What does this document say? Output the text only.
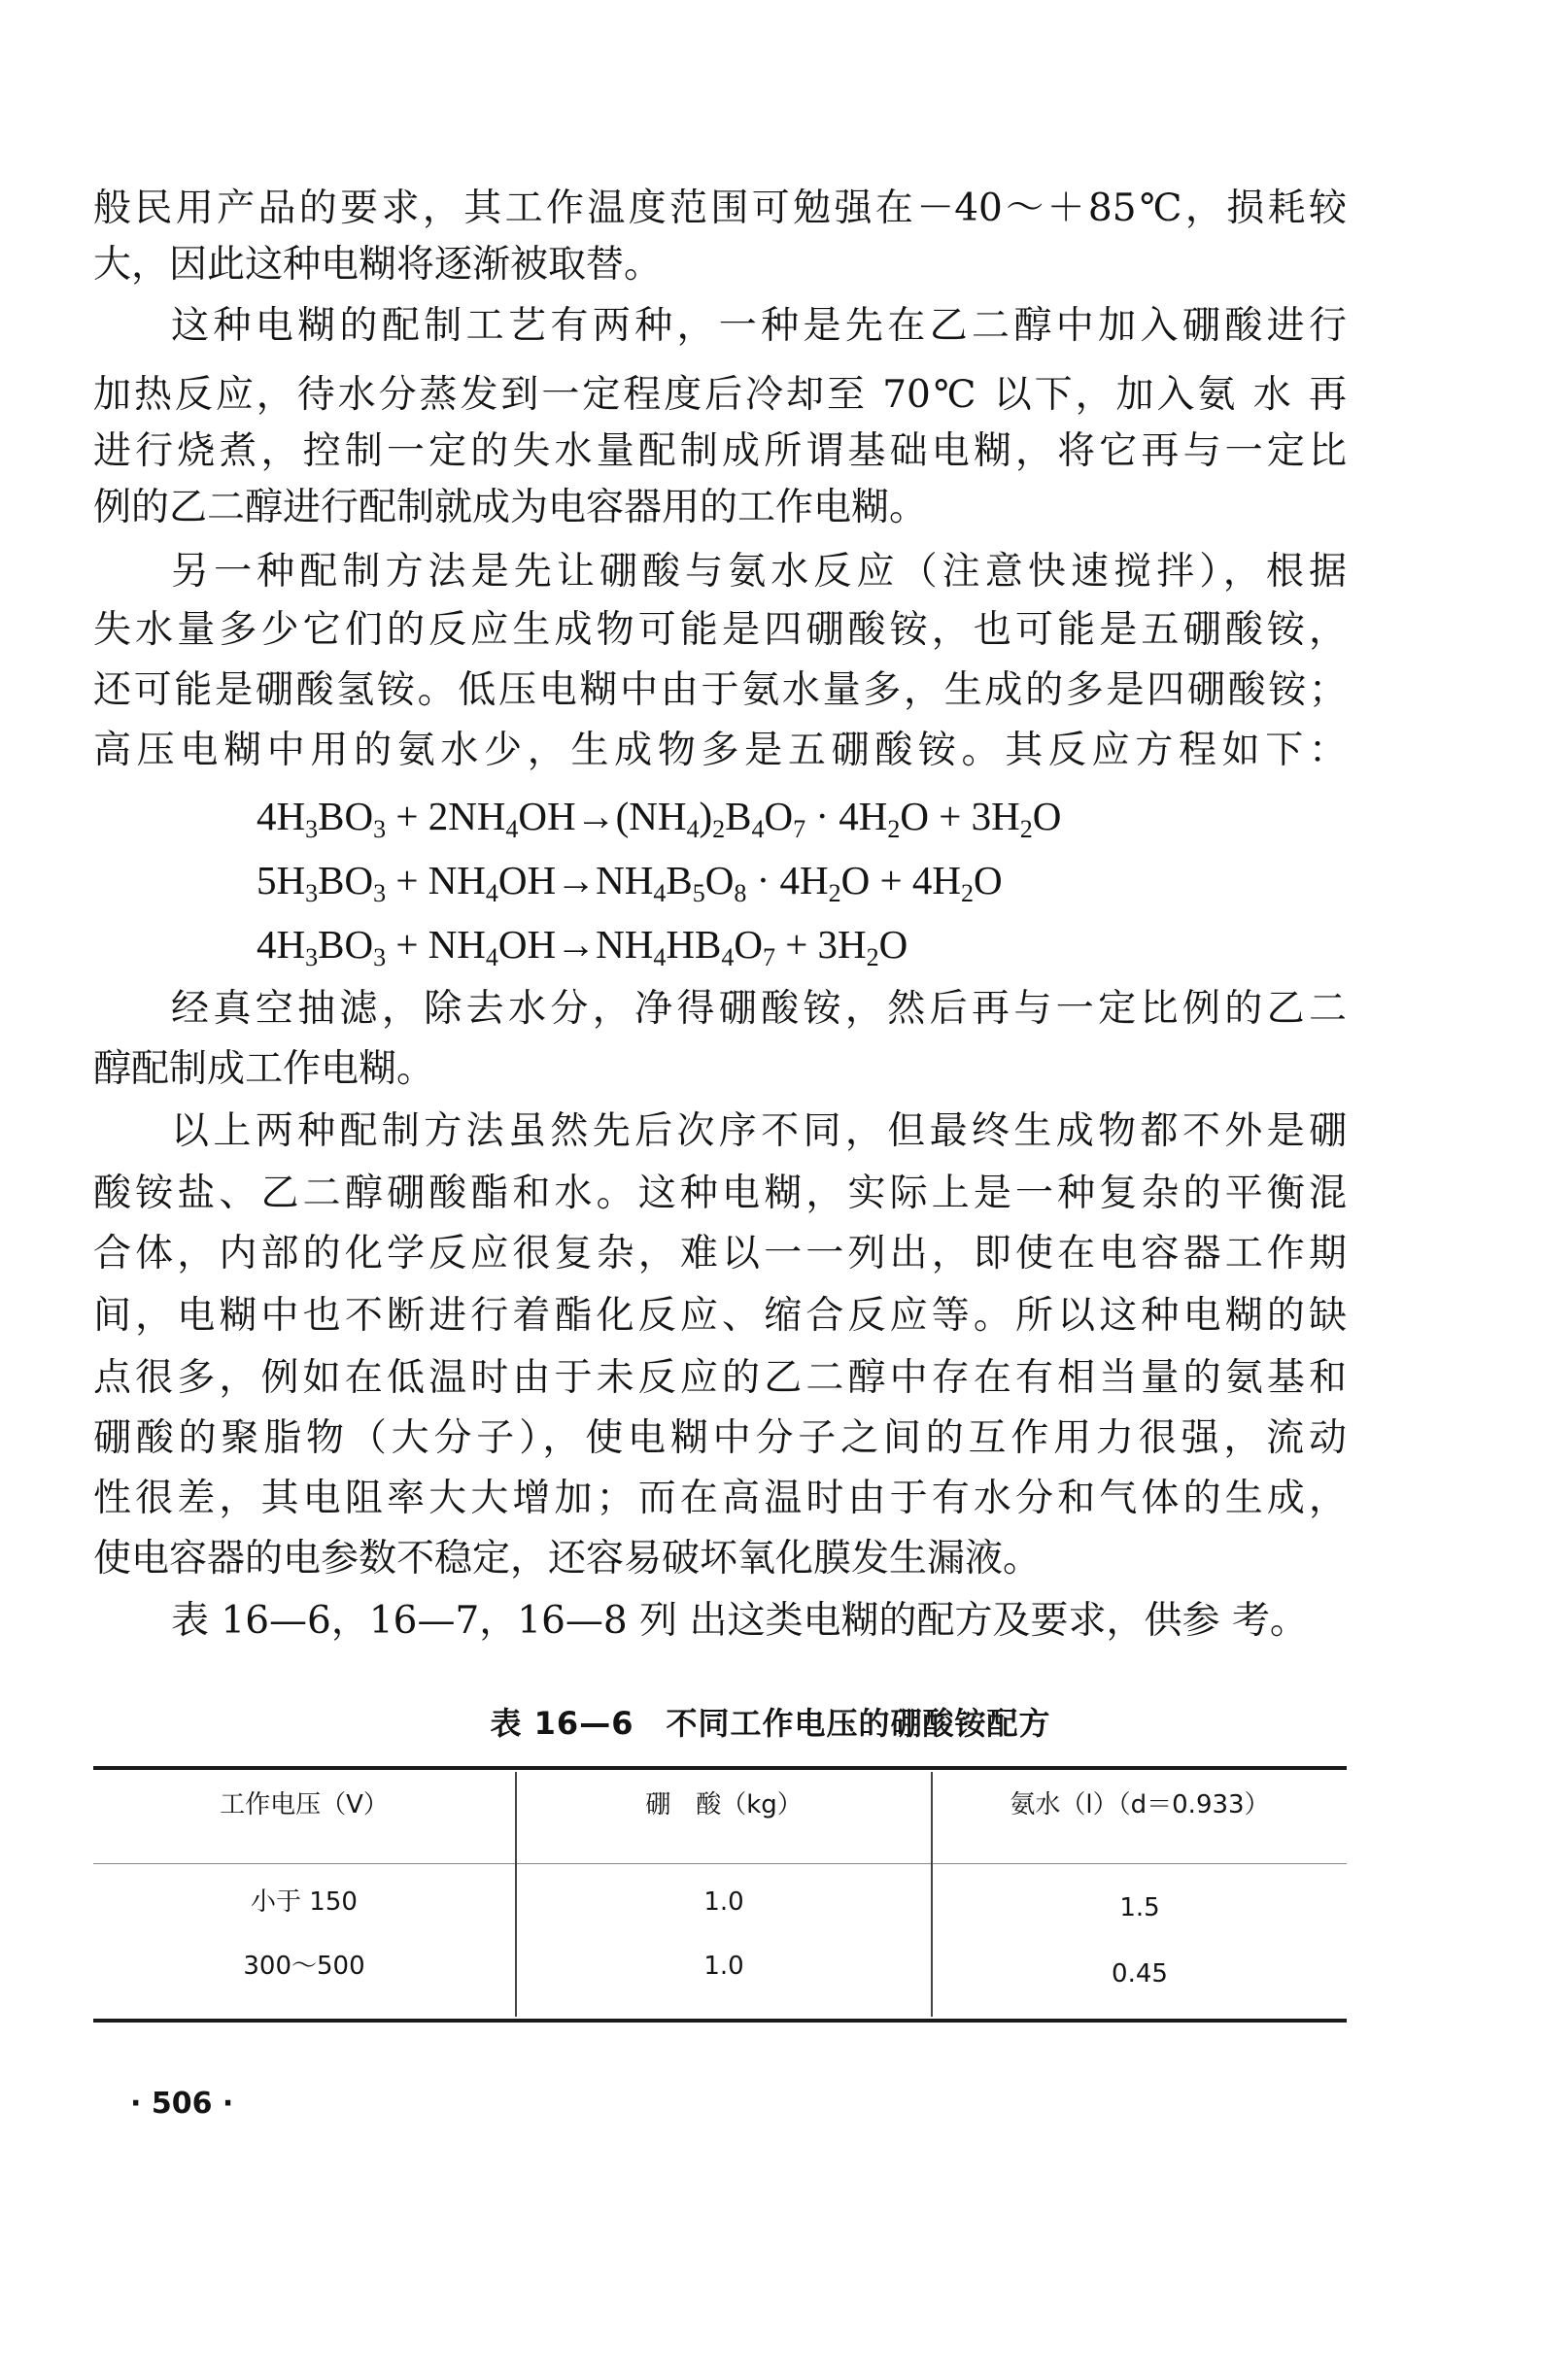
般民用产品的要求，其工作温度范围可勉强在－40～＋85℃，损耗较
大，因此这种电糊将逐渐被取替。
这种电糊的配制工艺有两种，一种是先在乙二醇中加入硼酸进行
加热反应，待水分蒸发到一定程度后冷却至 70℃ 以下，加入氨 水 再
进行烧煮，控制一定的失水量配制成所谓基础电糊，将它再与一定比
例的乙二醇进行配制就成为电容器用的工作电糊。
另一种配制方法是先让硼酸与氨水反应（注意快速搅拌），根据
失水量多少它们的反应生成物可能是四硼酸铵，也可能是五硼酸铵，
还可能是硼酸氢铵。低压电糊中由于氨水量多，生成的多是四硼酸铵；
高压电糊中用的氨水少，生成物多是五硼酸铵。其反应方程如下：
$4H_3BO_3 + 2NH_4OH\to(NH_4)_2B_4O_7 \cdot 4H_2O + 3H_2O$
$5H_3BO_3 + NH_4OH\to NH_4B_5O_8 \cdot 4H_2O + 4H_2O$
$4H_3BO_3 + NH_4OH\to NH_4HB_4O_7 + 3H_2O$
经真空抽滤，除去水分，净得硼酸铵，然后再与一定比例的乙二
醇配制成工作电糊。
以上两种配制方法虽然先后次序不同，但最终生成物都不外是硼
酸铵盐、乙二醇硼酸酯和水。这种电糊，实际上是一种复杂的平衡混
合体，内部的化学反应很复杂，难以一一列出，即使在电容器工作期
间，电糊中也不断进行着酯化反应、缩合反应等。所以这种电糊的缺
点很多，例如在低温时由于未反应的乙二醇中存在有相当量的氨基和
硼酸的聚脂物（大分子），使电糊中分子之间的互作用力很强，流动
性很差，其电阻率大大增加；而在高温时由于有水分和气体的生成，
使电容器的电参数不稳定，还容易破坏氧化膜发生漏液。
表 16—6，16—7，16—8 列 出这类电糊的配方及要求，供参 考。
表 16—6　不同工作电压的硼酸铵配方
工作电压（V）	硼　酸（kg）	氨水（l）（d＝0.933）
小于 150	1.0	1.5
300～500	1.0	0.45
· 506 ·
